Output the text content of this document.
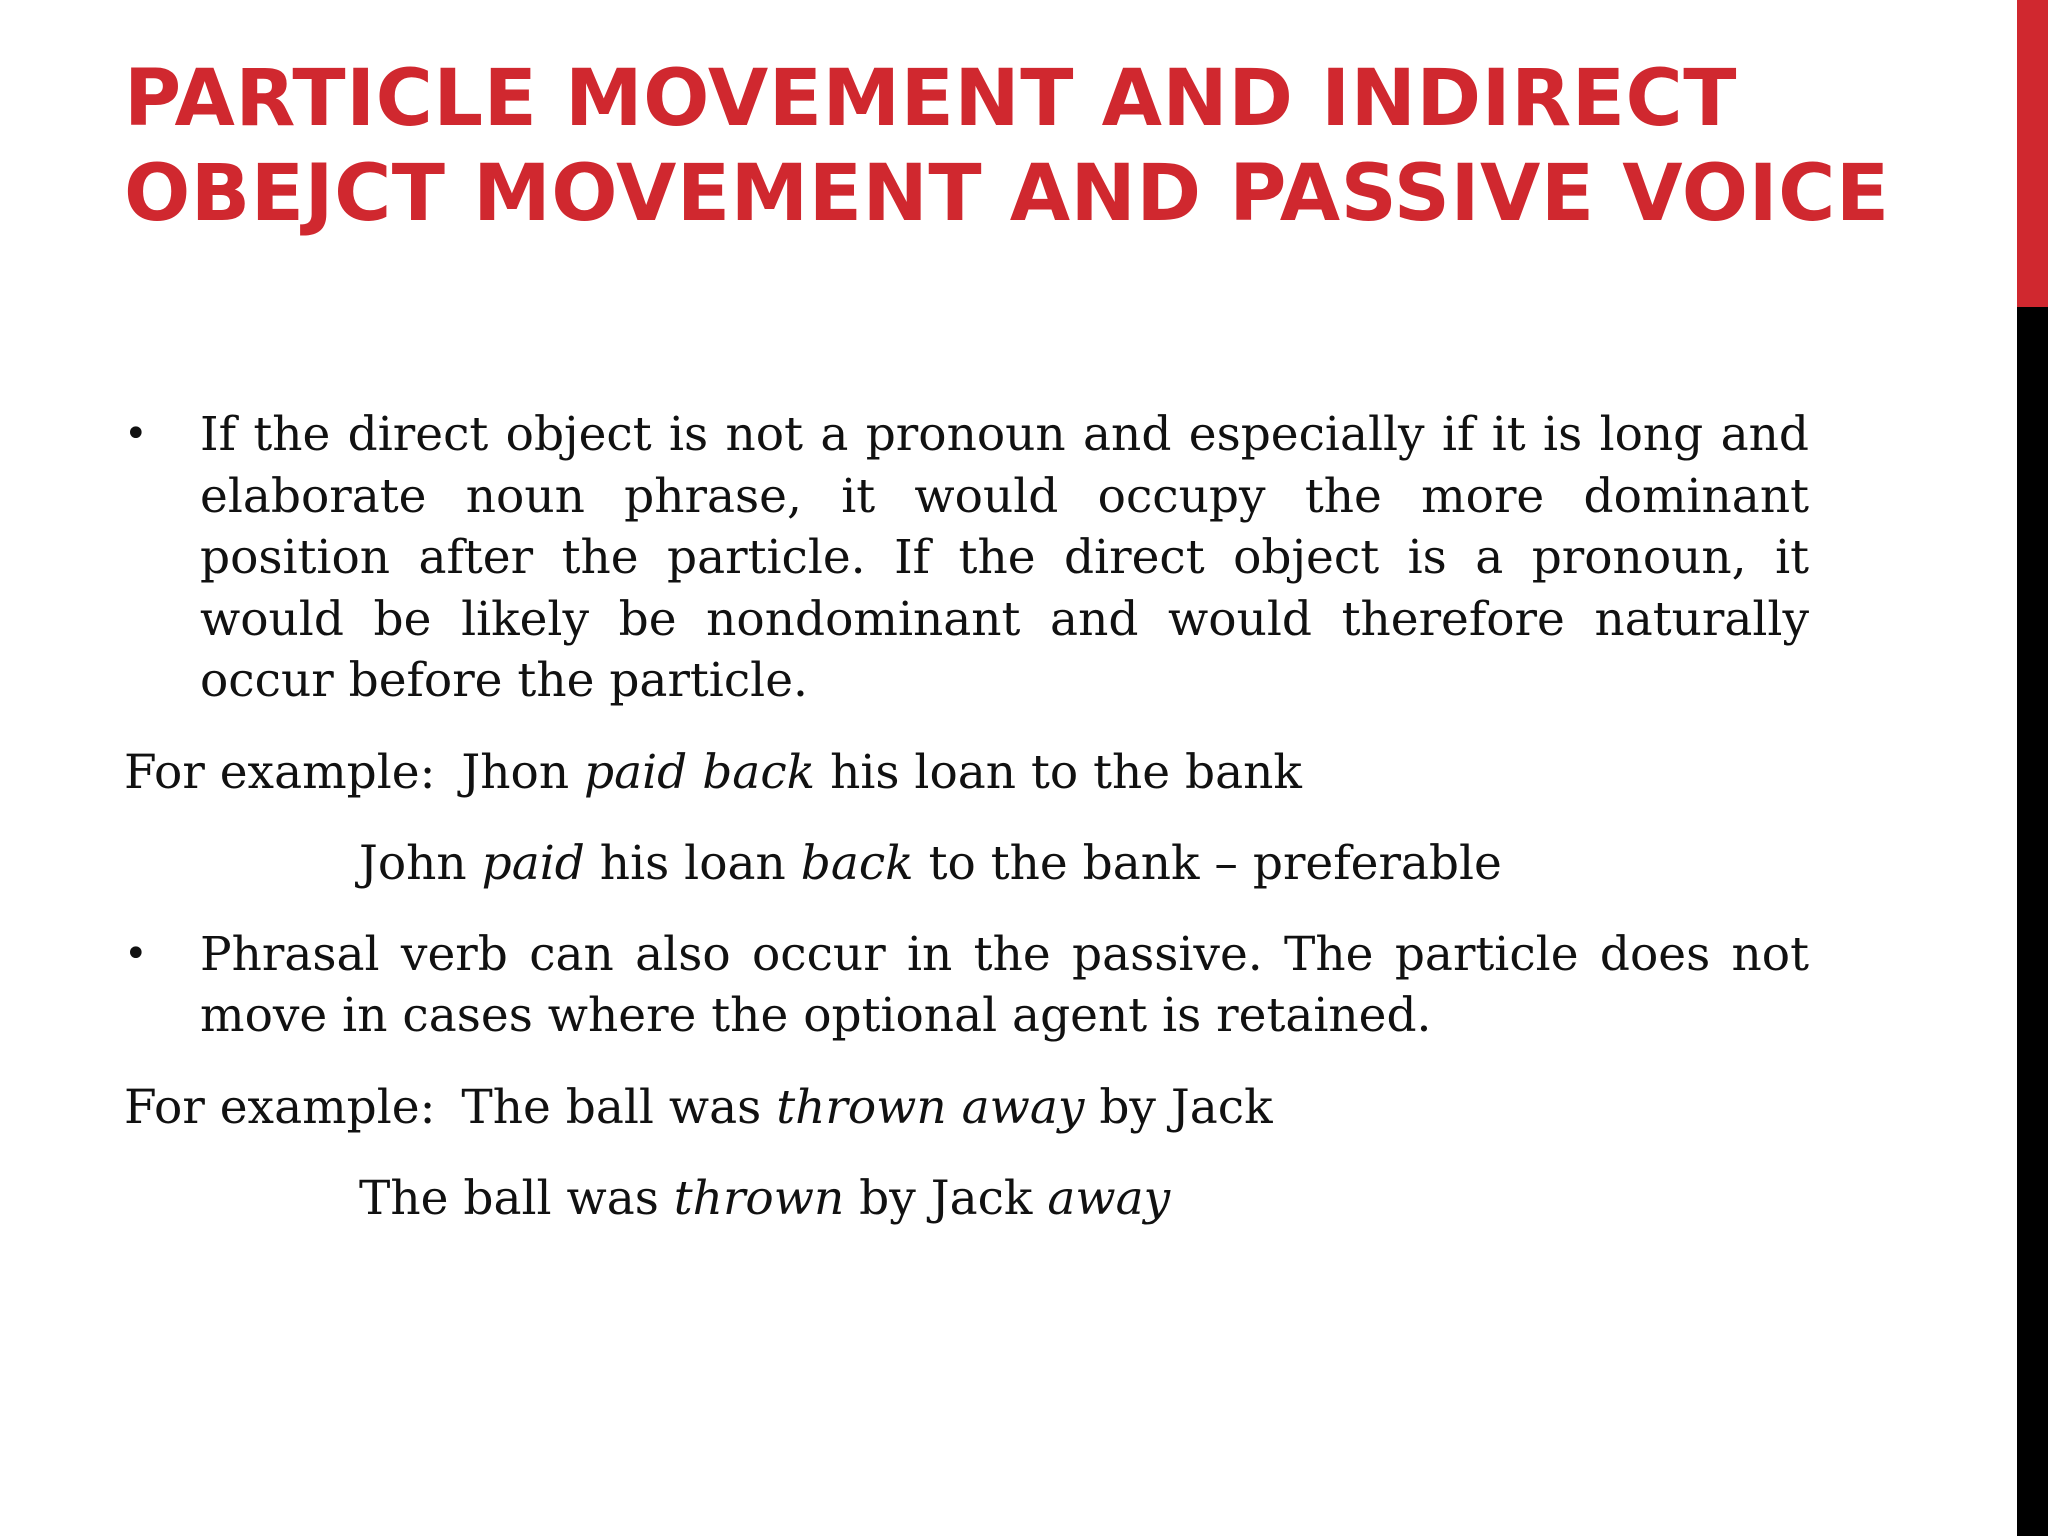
PARTICLE MOVEMENT AND INDIRECT OBEJCT MOVEMENT AND PASSIVE VOICE

• If the direct object is not a pronoun and especially if it is long and elaborate noun phrase, it would occupy the more dominant position after the particle. If the direct object is a pronoun, it would be likely be nondominant and would therefore naturally occur before the particle.

For example: Jhon paid back his loan to the bank

John paid his loan back to the bank – preferable

• Phrasal verb can also occur in the passive. The particle does not move in cases where the optional agent is retained.

For example: The ball was thrown away by Jack

The ball was thrown by Jack away
